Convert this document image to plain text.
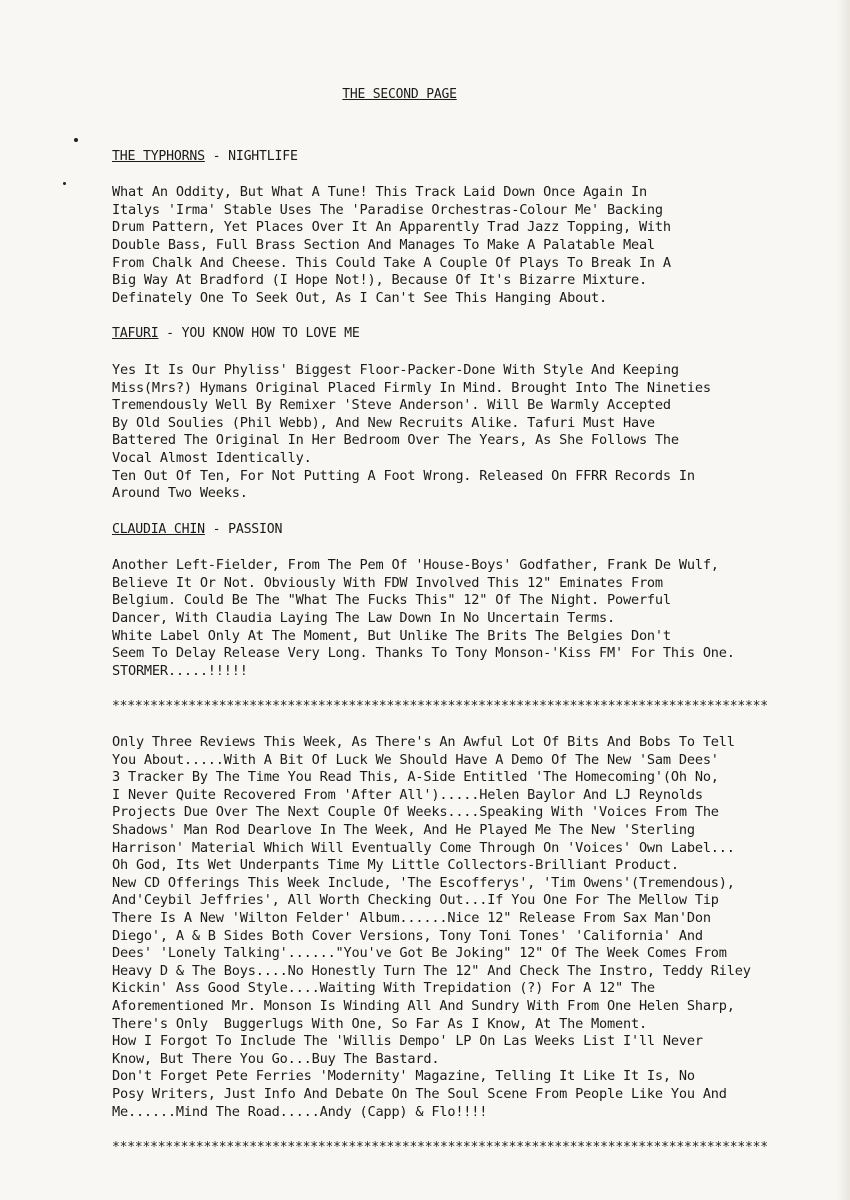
THE SECOND PAGE
THE TYPHORNS - NIGHTLIFE
What An Oddity, But What A Tune! This Track Laid Down Once Again In
Italys 'Irma' Stable Uses The 'Paradise Orchestras-Colour Me' Backing
Drum Pattern, Yet Places Over It An Apparently Trad Jazz Topping, With
Double Bass, Full Brass Section And Manages To Make A Palatable Meal
From Chalk And Cheese. This Could Take A Couple Of Plays To Break In A
Big Way At Bradford (I Hope Not!), Because Of It's Bizarre Mixture.
Definately One To Seek Out, As I Can't See This Hanging About.
TAFURI - YOU KNOW HOW TO LOVE ME
Yes It Is Our Phyliss' Biggest Floor-Packer-Done With Style And Keeping
Miss(Mrs?) Hymans Original Placed Firmly In Mind. Brought Into The Nineties
Tremendously Well By Remixer 'Steve Anderson'. Will Be Warmly Accepted
By Old Soulies (Phil Webb), And New Recruits Alike. Tafuri Must Have
Battered The Original In Her Bedroom Over The Years, As She Follows The
Vocal Almost Identically.
Ten Out Of Ten, For Not Putting A Foot Wrong. Released On FFRR Records In
Around Two Weeks.
CLAUDIA CHIN - PASSION
Another Left-Fielder, From The Pem Of 'House-Boys' Godfather, Frank De Wulf,
Believe It Or Not. Obviously With FDW Involved This 12" Eminates From
Belgium. Could Be The "What The Fucks This" 12" Of The Night. Powerful
Dancer, With Claudia Laying The Law Down In No Uncertain Terms.
White Label Only At The Moment, But Unlike The Brits The Belgies Don't
Seem To Delay Release Very Long. Thanks To Tony Monson-'Kiss FM' For This One.
STORMER.....!!!!!
**************************************************************************************
Only Three Reviews This Week, As There's An Awful Lot Of Bits And Bobs To Tell
You About.....With A Bit Of Luck We Should Have A Demo Of The New 'Sam Dees'
3 Tracker By The Time You Read This, A-Side Entitled 'The Homecoming'(Oh No,
I Never Quite Recovered From 'After All').....Helen Baylor And LJ Reynolds
Projects Due Over The Next Couple Of Weeks....Speaking With 'Voices From The
Shadows' Man Rod Dearlove In The Week, And He Played Me The New 'Sterling
Harrison' Material Which Will Eventually Come Through On 'Voices' Own Label...
Oh God, Its Wet Underpants Time My Little Collectors-Brilliant Product.
New CD Offerings This Week Include, 'The Escofferys', 'Tim Owens'(Tremendous),
And'Ceybil Jeffries', All Worth Checking Out...If You One For The Mellow Tip
There Is A New 'Wilton Felder' Album......Nice 12" Release From Sax Man'Don
Diego', A & B Sides Both Cover Versions, Tony Toni Tones' 'California' And
Dees' 'Lonely Talking'......"You've Got Be Joking" 12" Of The Week Comes From
Heavy D & The Boys....No Honestly Turn The 12" And Check The Instro, Teddy Riley
Kickin' Ass Good Style....Waiting With Trepidation (?) For A 12" The
Aforementioned Mr. Monson Is Winding All And Sundry With From One Helen Sharp,
There's Only  Buggerlugs With One, So Far As I Know, At The Moment.
How I Forgot To Include The 'Willis Dempo' LP On Las Weeks List I'll Never
Know, But There You Go...Buy The Bastard.
Don't Forget Pete Ferries 'Modernity' Magazine, Telling It Like It Is, No
Posy Writers, Just Info And Debate On The Soul Scene From People Like You And
Me......Mind The Road.....Andy (Capp) & Flo!!!!
**************************************************************************************
